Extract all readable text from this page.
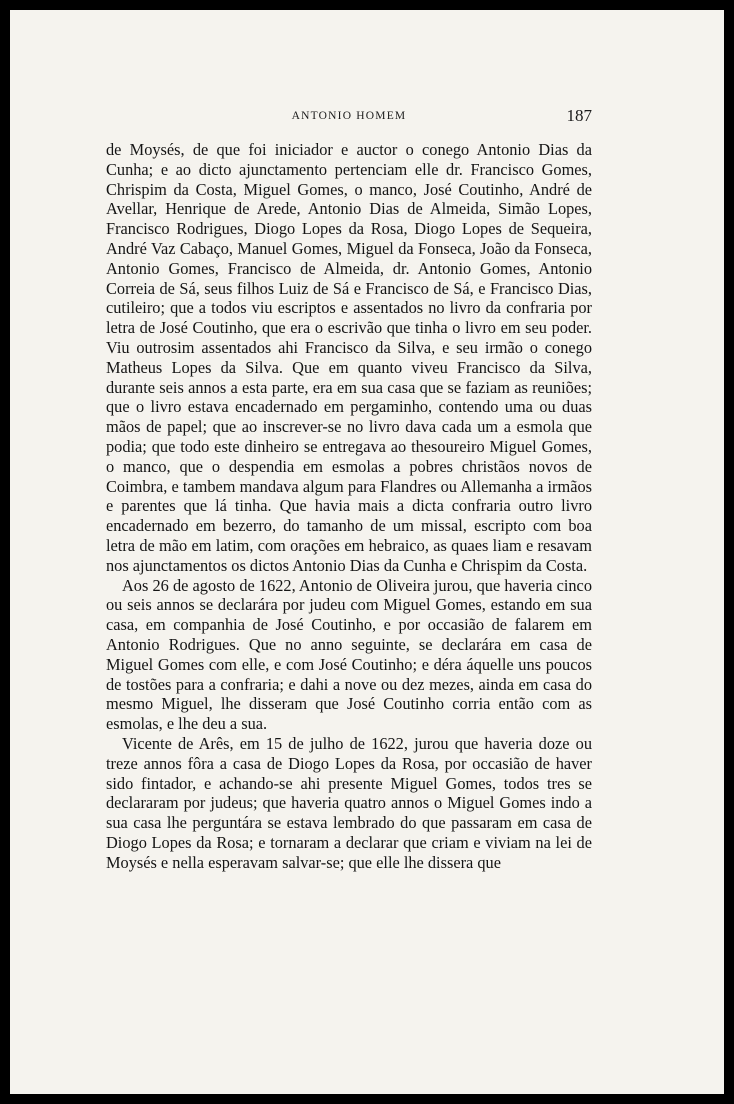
ANTONIO HOMEM	187

de Moysés, de que foi iniciador e auctor o conego Antonio Dias da Cunha; e ao dicto ajunctamento pertenciam elle dr. Francisco Gomes, Chrispim da Costa, Miguel Gomes, o manco, José Coutinho, André de Avellar, Henrique de Arede, Antonio Dias de Almeida, Simão Lopes, Francisco Rodrigues, Diogo Lopes da Rosa, Diogo Lopes de Sequeira, André Vaz Cabaço, Manuel Gomes, Miguel da Fonseca, João da Fonseca, Antonio Gomes, Francisco de Almeida, dr. Antonio Gomes, Antonio Correia de Sá, seus filhos Luiz de Sá e Francisco de Sá, e Francisco Dias, cutileiro; que a todos viu escriptos e assentados no livro da confraria por letra de José Coutinho, que era o escrivão que tinha o livro em seu poder. Viu outrosim assentados ahi Francisco da Silva, e seu irmão o conego Matheus Lopes da Silva. Que em quanto viveu Francisco da Silva, durante seis annos a esta parte, era em sua casa que se faziam as reuniões; que o livro estava encadernado em pergaminho, contendo uma ou duas mãos de papel; que ao inscrever-se no livro dava cada um a esmola que podia; que todo este dinheiro se entregava ao thesoureiro Miguel Gomes, o manco, que o despendia em esmolas a pobres christãos novos de Coimbra, e tambem mandava algum para Flandres ou Allemanha a irmãos e parentes que lá tinha. Que havia mais a dicta confraria outro livro encadernado em bezerro, do tamanho de um missal, escripto com boa letra de mão em latim, com orações em hebraico, as quaes liam e resavam nos ajunctamentos os dictos Antonio Dias da Cunha e Chrispim da Costa.

Aos 26 de agosto de 1622, Antonio de Oliveira jurou, que haveria cinco ou seis annos se declarára por judeu com Miguel Gomes, estando em sua casa, em companhia de José Coutinho, e por occasião de falarem em Antonio Rodrigues. Que no anno seguinte, se declarára em casa de Miguel Gomes com elle, e com José Coutinho; e déra áquelle uns poucos de tostões para a confraria; e dahi a nove ou dez mezes, ainda em casa do mesmo Miguel, lhe disseram que José Coutinho corria então com as esmolas, e lhe deu a sua.

Vicente de Arês, em 15 de julho de 1622, jurou que haveria doze ou treze annos fôra a casa de Diogo Lopes da Rosa, por occasião de haver sido fintador, e achando-se ahi presente Miguel Gomes, todos tres se declararam por judeus; que haveria quatro annos o Miguel Gomes indo a sua casa lhe perguntára se estava lembrado do que passaram em casa de Diogo Lopes da Rosa; e tornaram a declarar que criam e viviam na lei de Moysés e nella esperavam salvar-se; que elle lhe dissera que
